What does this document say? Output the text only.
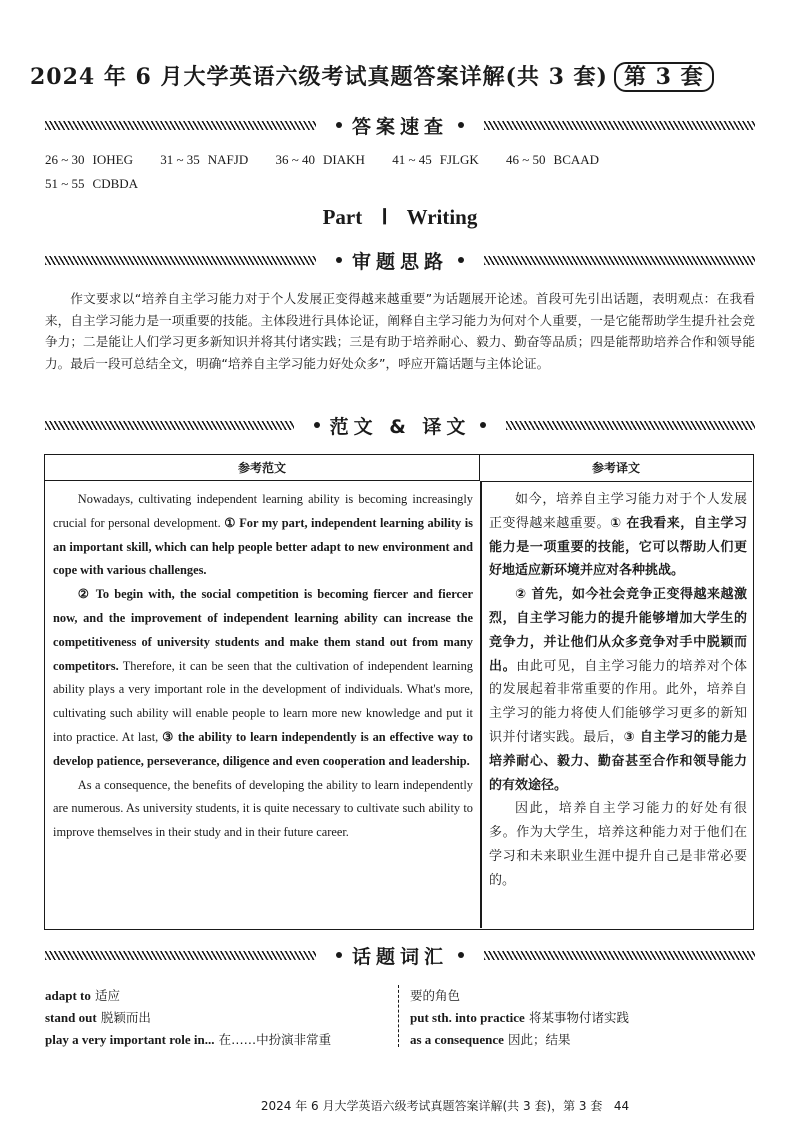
2024 年 6 月大学英语六级考试真题答案详解(共 3 套) 第 3 套
答案速查
26 ~ 30 IOHEG 31 ~ 35 NAFJD 36 ~ 40 DIAKH 41 ~ 45 FJLGK 46 ~ 50 BCAAD
51 ~ 55 CDBDA
Part Ⅰ Writing
审题思路
作文要求以“培养自主学习能力对于个人发展正变得越来越重要”为话题展开论述。首段可先引出话题，表明观点：在我看来，自主学习能力是一项重要的技能。主体段进行具体论证，阐释自主学习能力为何对个人重要，一是它能帮助学生提升社会竞争力；二是能让人们学习更多新知识并将其付诸实践；三是有助于培养耐心、毅力、勤奋等品质；四是能帮助培养合作和领导能力。最后一段可总结全文，明确“培养自主学习能力好处众多”，呼应开篇话题与主体论证。
范文 & 译文
参考范文	参考译文

Nowadays, cultivating independent learning ability is becoming increasingly crucial for personal development. ① For my part, independent learning ability is an important skill, which can help people better adapt to new environment and cope with various challenges.

② To begin with, the social competition is becoming fiercer and fiercer now, and the improvement of independent learning ability can increase the competitiveness of university students and make them stand out from many competitors. Therefore, it can be seen that the cultivation of independent learning ability plays a very important role in the development of individuals. What's more, cultivating such ability will enable people to learn more new knowledge and put it into practice. At last, ③ the ability to learn independently is an effective way to develop patience, perseverance, diligence and even cooperation and leadership.

As a consequence, the benefits of developing the ability to learn independently are numerous. As university students, it is quite necessary to cultivate such ability to improve themselves in their study and in their future career.

如今，培养自主学习能力对于个人发展正变得越来越重要。① 在我看来，自主学习能力是一项重要的技能，它可以帮助人们更好地适应新环境并应对各种挑战。

② 首先，如今社会竞争正变得越来越激烈，自主学习能力的提升能够增加大学生的竞争力，并让他们从众多竞争对手中脱颖而出。由此可见，自主学习能力的培养对个体的发展起着非常重要的作用。此外，培养自主学习的能力将使人们能够学习更多的新知识并付诸实践。最后，③ 自主学习的能力是培养耐心、毅力、勤奋甚至合作和领导能力的有效途径。

因此，培养自主学习能力的好处有很多。作为大学生，培养这种能力对于他们在学习和未来职业生涯中提升自己是非常必要的。

话题词汇
adapt to 适应
stand out 脱颖而出
play a very important role in... 在……中扮演非常重
要的角色
put sth. into practice 将某事物付诸实践
as a consequence 因此；结果
2024 年 6 月大学英语六级考试真题答案详解(共 3 套)，第 3 套 44
